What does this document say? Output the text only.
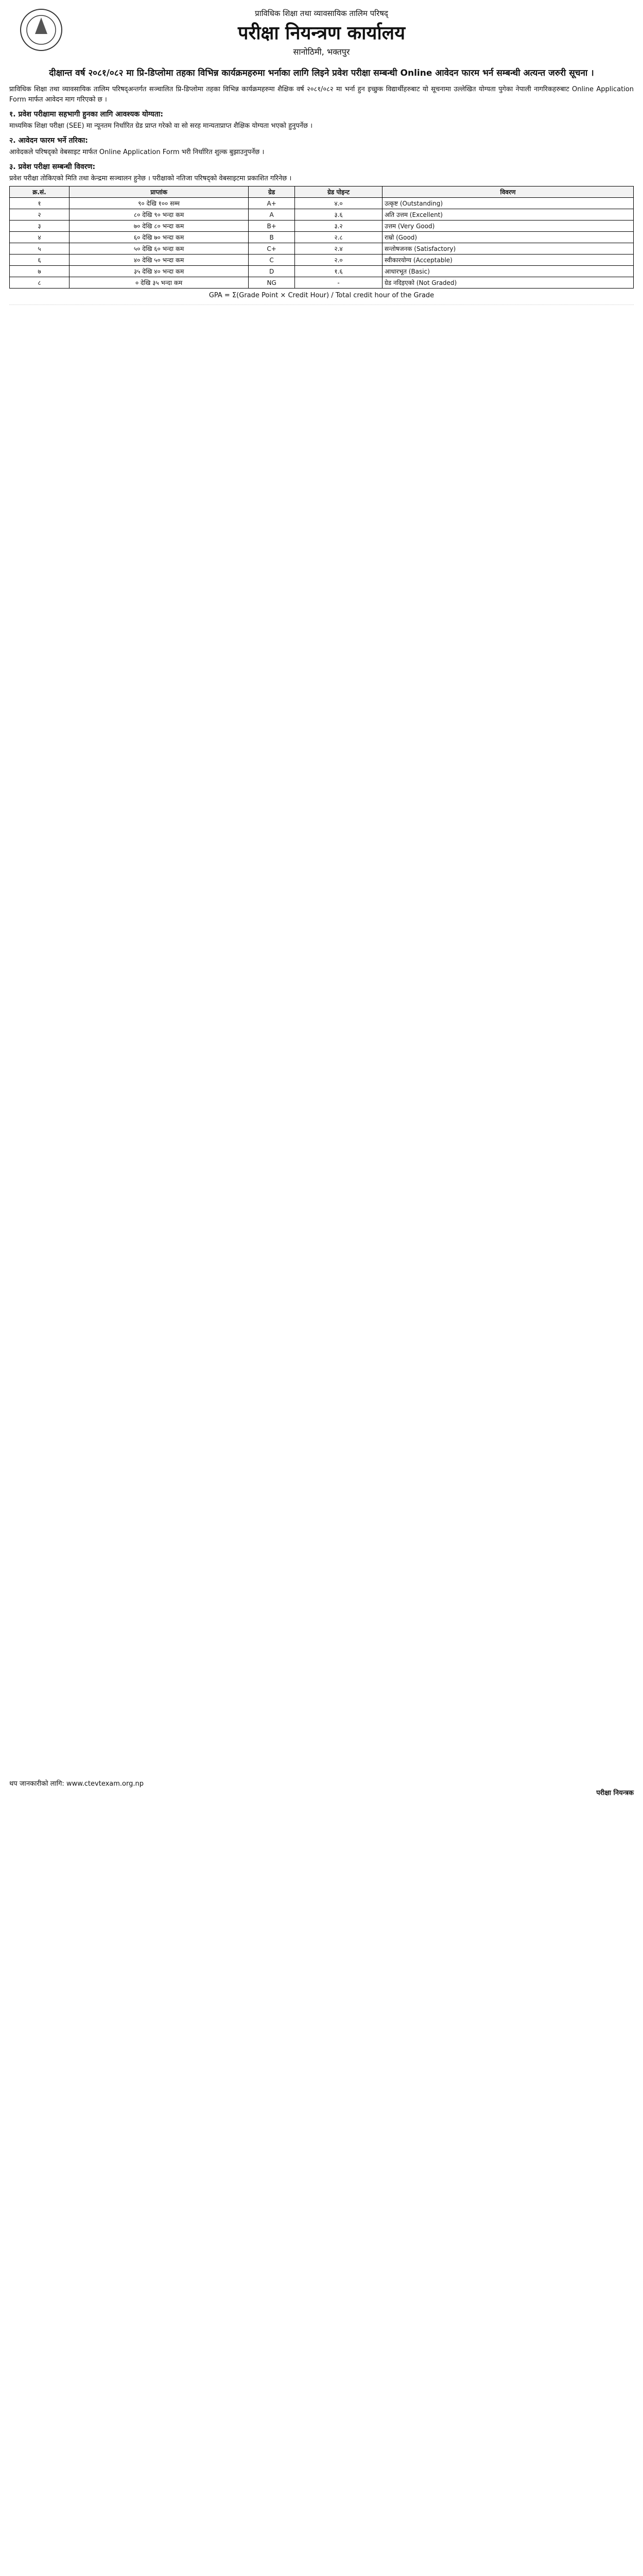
प्राविधिक शिक्षा तथा व्यावसायिक तालिम परिषद्
परीक्षा नियन्त्रण कार्यालय
सानोठिमी, भक्तपुर
दीक्षान्त वर्ष २०८१/०८२ मा प्रि-डिप्लोमा तहका विभिन्न कार्यक्रमहरुमा भर्नाका लागि लिइने प्रवेश परीक्षा सम्बन्धी Online आवेदन फारम भर्न सम्बन्धी अत्यन्त जरुरी सूचना ।

प्राविधिक शिक्षा तथा व्यावसायिक तालिम परिषद्‌अन्तर्गत सञ्चालित प्रि-डिप्लोमा तहका विभिन्न कार्यक्रमहरुमा शैक्षिक वर्ष २०८१/०८२ मा भर्ना हुन इच्छुक विद्यार्थीहरुबाट यो सूचनामा उल्लेखित योग्यता पुगेका नेपाली नागरिकहरुबाट Online Application Form मार्फत आवेदन माग गरिएको छ ।

१. प्रवेश परीक्षामा सहभागी हुनका लागि आवश्यक योग्यता:

माध्यमिक शिक्षा परीक्षा (SEE) मा न्यूनतम निर्धारित ग्रेड प्राप्त गरेको वा सो सरह मान्यताप्राप्त शैक्षिक योग्यता भएको हुनुपर्नेछ ।

२. आवेदन फारम भर्ने तरिका:

आवेदकले परिषद्‌को वेबसाइट मार्फत Online Application Form भरी निर्धारित शुल्क बुझाउनुपर्नेछ ।

३. प्रवेश परीक्षा सम्बन्धी विवरण:

प्रवेश परीक्षा तोकिएको मिति तथा केन्द्रमा सञ्चालन हुनेछ । परीक्षाको नतिजा परिषद्‌को वेबसाइटमा प्रकाशित गरिनेछ ।

क्र.सं.	प्राप्तांक	ग्रेड	ग्रेड पोइन्ट	विवरण
१	९० देखि १०० सम्म	A+	४.०	उत्कृष्ट (Outstanding)
२	८० देखि ९० भन्दा कम	A	३.६	अति उत्तम (Excellent)
३	७० देखि ८० भन्दा कम	B+	३.२	उत्तम (Very Good)
४	६० देखि ७० भन्दा कम	B	२.८	राम्रो (Good)
५	५० देखि ६० भन्दा कम	C+	२.४	सन्तोषजनक (Satisfactory)
६	४० देखि ५० भन्दा कम	C	२.०	स्वीकारयोग्य (Acceptable)
७	३५ देखि ४० भन्दा कम	D	१.६	आधारभूत (Basic)
८	० देखि ३५ भन्दा कम	NG	-	ग्रेड नदिइएको (Not Graded)
GPA = Σ(Grade Point × Credit Hour) / Total credit hour of the Grade
थप जानकारीको लागि: www.ctevtexam.org.np
परीक्षा नियन्त्रक
